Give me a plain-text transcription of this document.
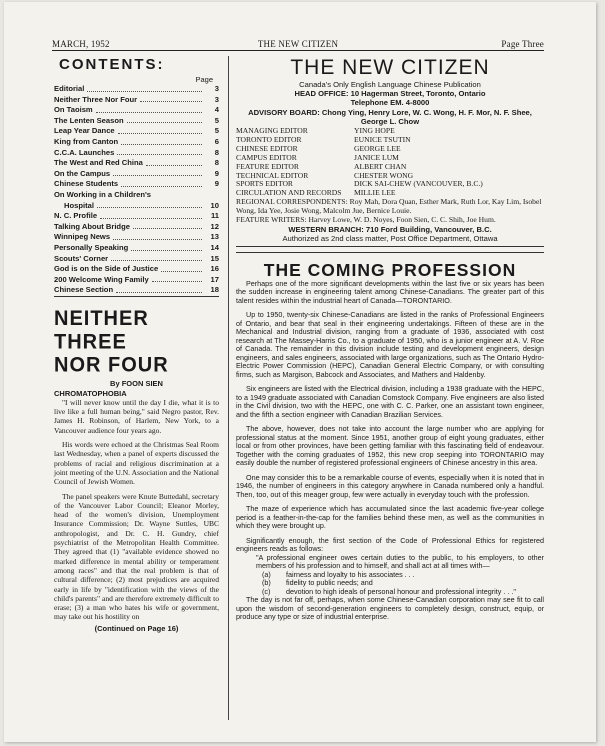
MARCH, 1952	THE NEW CITIZEN	Page Three
CONTENTS:
Page
Editorial	3
Neither Three Nor Four	3
On Taoism	4
The Lenten Season	5
Leap Year Dance	5
King from Canton	6
C.C.A. Launches	8
The West and Red China	8
On the Campus	9
Chinese Students	9
On Working in a Children's
Hospital	10
N. C. Profile	11
Talking About Bridge	12
Winnipeg News	13
Personally Speaking	14
Scouts' Corner	15
God is on the Side of Justice	16
200 Welcome Wing Family	17
Chinese Section	18
NEITHER THREE
NOR FOUR
By FOON SIEN
CHROMATOPHOBIA

"I will never know until the day I die, what it is to live like a full human being," said Negro pastor, Rev. James H. Robinson, of Harlem, New York, to a Vancouver audience four years ago.

His words were echoed at the Christmas Seal Room last Wednesday, when a panel of experts discussed the problems of racial and religious discrimination at a joint meeting of the U.N. Association and the National Council of Jewish Women.

The panel speakers were Knute Buttedahl, secretary of the Vancouver Labor Council; Eleanor Morley, head of the women's division, Unemployment Insurance Commission; Dr. Wayne Suttles, UBC anthropologist, and Dr. C. H. Gundry, chief psychiatrist of the Metropolitan Health Committee. They agreed that (1) "available evidence showed no marked difference in mental ability or temperament among races" and that the real problem is that of cultural difference; (2) most prejudices are acquired early in life by "identification with the views of the child's parents" and are therefore extremely difficult to erase; (3) a man who hates his wife or government, may take out his hostility on

(Continued on Page 16)
THE NEW CITIZEN
Canada's Only English Language Chinese Publication
HEAD OFFICE: 10 Hagerman Street, Toronto, Ontario
Telephone EM. 4-8000
ADVISORY BOARD: Chong Ying, Henry Lore, W. C. Wong, H. F. Mor, N. F. Shee, George L. Chow
MANAGING EDITOR	YING HOPE
TORONTO EDITOR	EUNICE TSUTIN
CHINESE EDITOR	GEORGE LEE
CAMPUS EDITOR	JANICE LUM
FEATURE EDITOR	ALBERT CHAN
TECHNICAL EDITOR	CHESTER WONG
SPORTS EDITOR	DICK SAI-CHEW (VANCOUVER, B.C.)
CIRCULATION AND RECORDS	MILLIE LEE
REGIONAL CORRESPONDENTS: Roy Mah, Dora Quan, Esther Mark, Ruth Lor, Kay Lim, Isobel Wong, Ida Yee, Josie Wong, Malcolm Jue, Bernice Louie.
FEATURE WRITERS: Harvey Lowe, W. D. Noyes, Foon Sien, C. C. Shih, Joe Hum.
WESTERN BRANCH: 710 Ford Building, Vancouver, B.C.
Authorized as 2nd class matter, Post Office Department, Ottawa
THE COMING PROFESSION

Perhaps one of the more significant developments within the last five or six years has been the sudden increase in engineering talent among Chinese-Canadians. The greater part of this talent resides within the industrial heart of Canada—TORONTARIO.

Up to 1950, twenty-six Chinese-Canadians are listed in the ranks of Professional Engineers of Ontario, and bear that seal in their engineering undertakings. Fifteen of these are in the Mechanical and Industrial division, ranging from a graduate of 1936, associated with cost research at The Massey-Harris Co., to a graduate of 1950, who is a junior engineer at A. V. Roe of Canada. The remainder in this division include testing and development engineers, design engineers, and sales engineers, associated with large organizations, such as The Ontario Hydro-Electric Power Commission (HEPC), Canadian General Electric Company, or with consulting firms, such as Margison, Babcock and Associates, and Mathers and Haldenby.

Six engineers are listed with the Electrical division, including a 1938 graduate with the HEPC, to a 1949 graduate associated with Canadian Comstock Company. Five engineers are also listed in the Civil division, two with the HEPC, one with C. C. Parker, one an assistant town engineer, and the fifth a section engineer with Canadian Brazilian Services.

The above, however, does not take into account the large number who are applying for professional status at the moment. Since 1951, another group of eight young graduates, either local or from other provinces, have been getting familiar with this fascinating field of endeavour. Together with the coming graduates of 1952, this new crop seeping into TORONTARIO may easily double the number of registered professional engineers of Chinese ancestry in this area.

One may consider this to be a remarkable course of events, especially when it is noted that in 1946, the number of engineers in this category anywhere in Canada numbered only a handful. Then, too, out of this meager group, few were actually in everyday touch with the profession.

The maze of experience which has accumulated since the last academic five-year college period is a feather-in-the-cap for the families behind these men, as well as the communities in which they were brought up.

Significantly enough, the first section of the Code of Professional Ethics for registered engineers reads as follows:

"A professional engineer owes certain duties to the public, to his employers, to other members of his profession and to himself, and shall act at all times with—

(a)	fairness and loyalty to his associates . . .
(b)	fidelity to public needs; and
(c)	devotion to high ideals of personal honour and professional integrity . . ."

The day is not far off, perhaps, when some Chinese-Canadian corporation may see fit to call upon the wisdom of second-generation engineers to completely design, construct, equip, or produce any type or size of industrial enterprise.
